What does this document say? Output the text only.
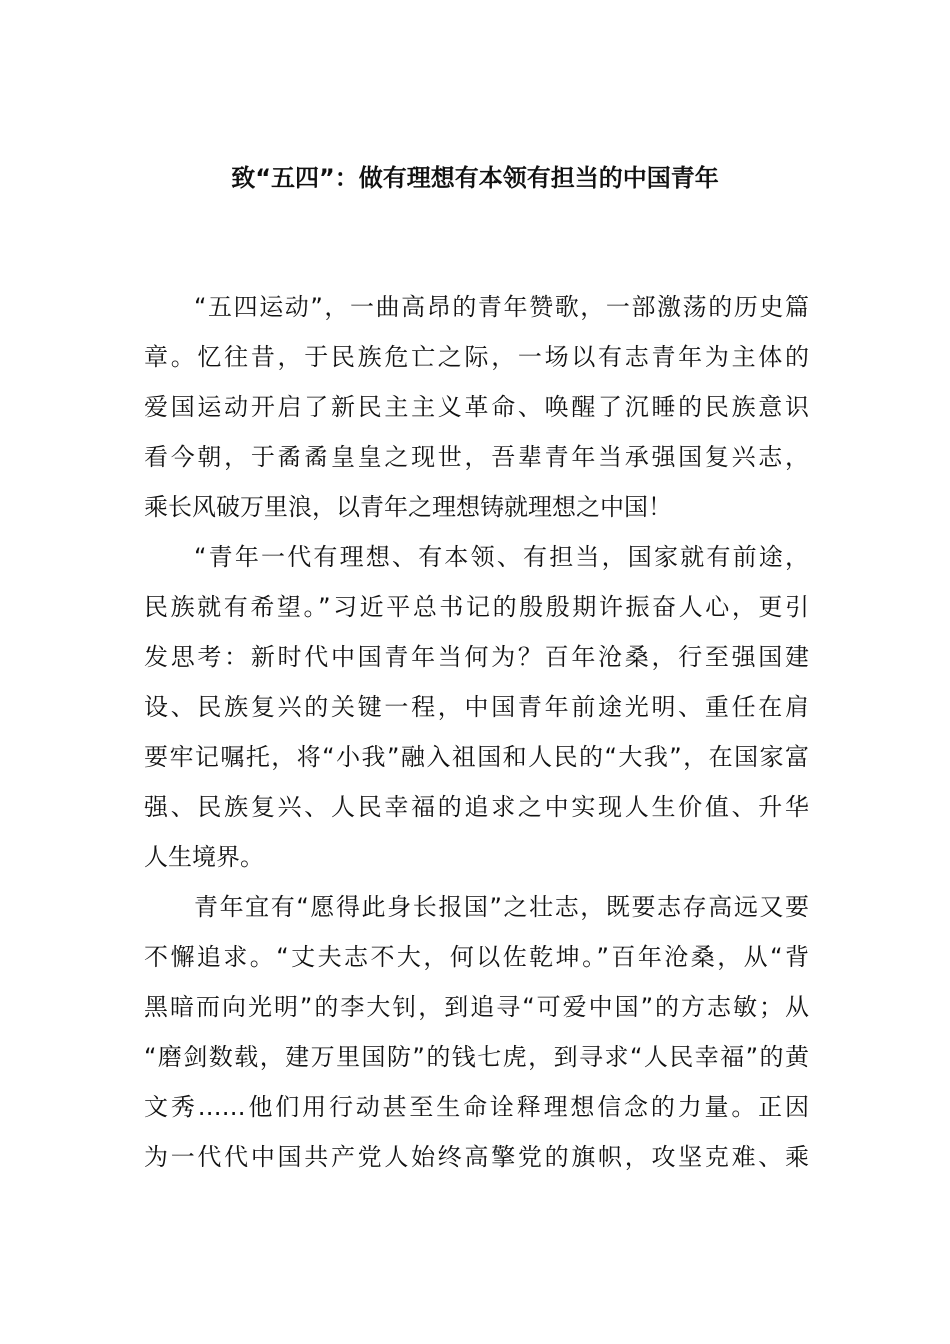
致“五四”：做有理想有本领有担当的中国青年
“五四运动”，一曲高昂的青年赞歌，一部激荡的历史篇
章。忆往昔，于民族危亡之际，一场以有志青年为主体的
爱国运动开启了新民主主义革命、唤醒了沉睡的民族意识
看今朝，于矞矞皇皇之现世，吾辈青年当承强国复兴志，
乘长风破万里浪，以青年之理想铸就理想之中国！
“青年一代有理想、有本领、有担当，国家就有前途，
民族就有希望。”习近平总书记的殷殷期许振奋人心，更引
发思考：新时代中国青年当何为？百年沧桑，行至强国建
设、民族复兴的关键一程，中国青年前途光明、重任在肩
要牢记嘱托，将“小我”融入祖国和人民的“大我”，在国家富
强、民族复兴、人民幸福的追求之中实现人生价值、升华
人生境界。
青年宜有“愿得此身长报国”之壮志，既要志存高远又要
不懈追求。“丈夫志不大，何以佐乾坤。”百年沧桑，从“背
黑暗而向光明”的李大钊，到追寻“可爱中国”的方志敏；从
“磨剑数载，建万里国防”的钱七虎，到寻求“人民幸福”的黄
文秀……他们用行动甚至生命诠释理想信念的力量。正因
为一代代中国共产党人始终高擎党的旗帜，攻坚克难、乘
